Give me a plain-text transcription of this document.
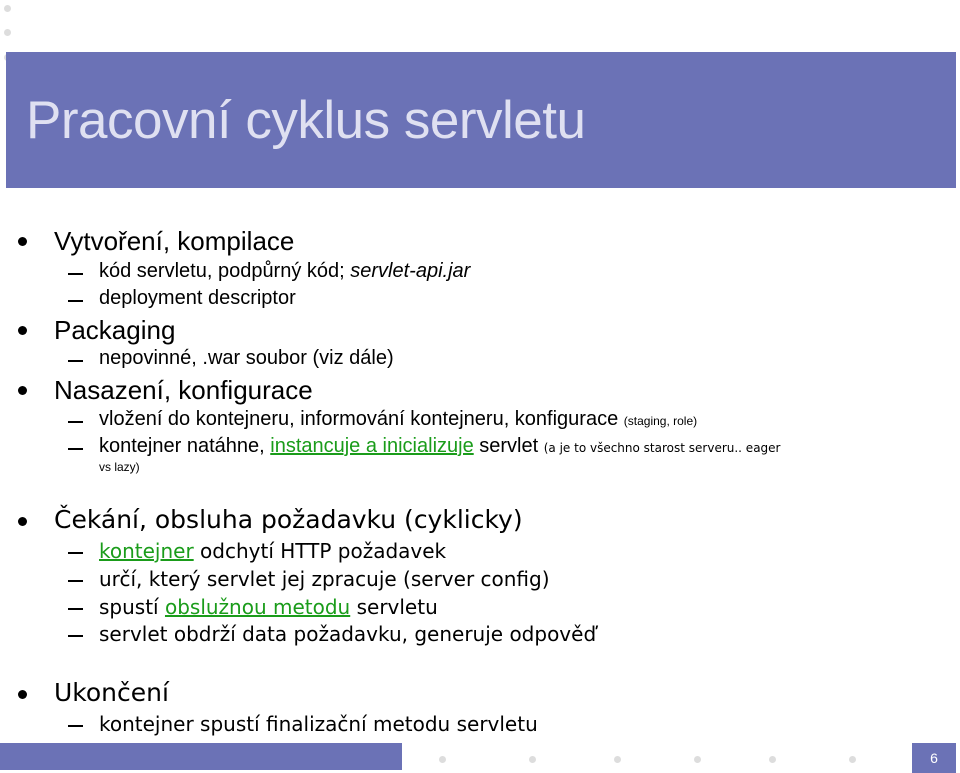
Pracovní cyklus servletu
Vytvoření, kompilace
kód servletu, podpůrný kód; servlet-api.jar
deployment descriptor
Packaging
nepovinné, .war soubor (viz dále)
Nasazení, konfigurace
vložení do kontejneru, informování kontejneru, konfigurace (staging, role)
kontejner natáhne, instancuje a inicializuje servlet (a je to všechno starost serveru.. eager
vs lazy)
Čekání, obsluha požadavku (cyklicky)
kontejner odchytí HTTP požadavek
určí, který servlet jej zpracuje (server config)
spustí obslužnou metodu servletu
servlet obdrží data požadavku, generuje odpověď
Ukončení
kontejner spustí finalizační metodu servletu
6
